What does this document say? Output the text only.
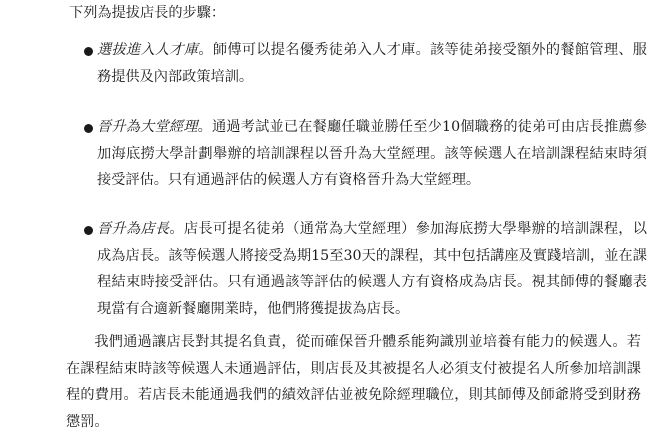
下列為提拔店長的步驟：
選拔進入人才庫。師傅可以提名優秀徒弟入人才庫。該等徒弟接受額外的餐館管理、服務提供及內部政策培訓。
晉升為大堂經理。通過考試並已在餐廳任職並勝任至少10個職務的徒弟可由店長推薦參加海底撈大學計劃舉辦的培訓課程以晉升為大堂經理。該等候選人在培訓課程結束時須接受評估。只有通過評估的候選人方有資格晉升為大堂經理。
晉升為店長。店長可提名徒弟（通常為大堂經理）參加海底撈大學舉辦的培訓課程，以成為店長。該等候選人將接受為期15至30天的課程，其中包括講座及實踐培訓，並在課程結束時接受評估。只有通過該等評估的候選人方有資格成為店長。視其師傅的餐廳表現當有合適新餐廳開業時，他們將獲提拔為店長。
我們通過讓店長對其提名負責，從而確保晉升體系能夠識別並培養有能力的候選人。若在課程結束時該等候選人未通過評估，則店長及其被提名人必須支付被提名人所參加培訓課程的費用。若店長未能通過我們的績效評估並被免除經理職位，則其師傅及師爺將受到財務懲罰。
